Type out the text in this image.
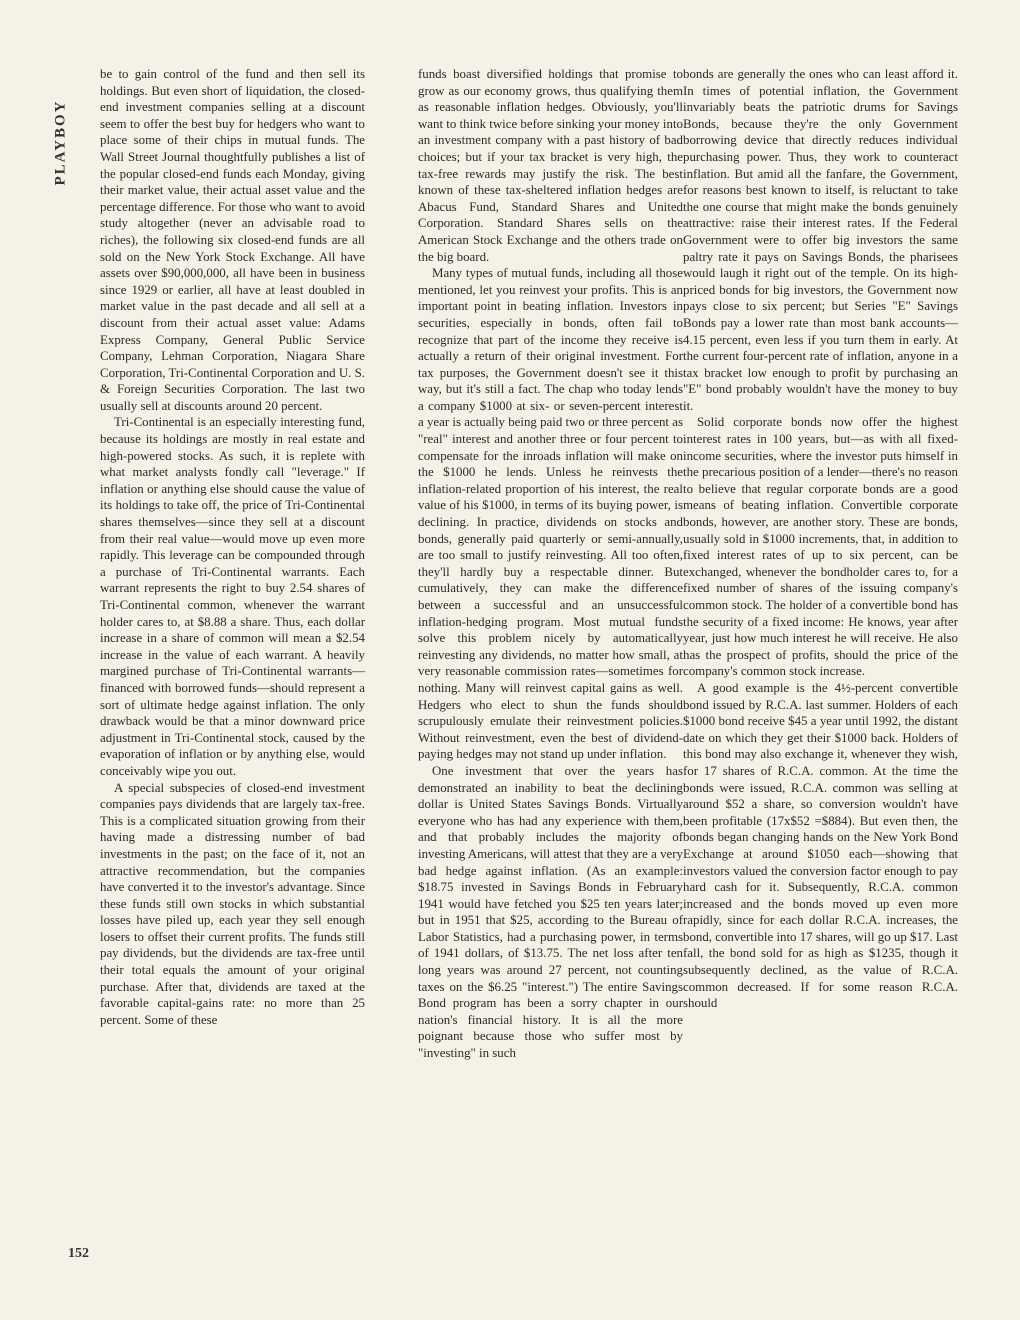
PLAYBOY

be to gain control of the fund and then sell its holdings. But even short of liquidation, the closed-end investment companies selling at a discount seem to offer the best buy for hedgers who want to place some of their chips in mutual funds. The Wall Street Journal thoughtfully publishes a list of the popular closed-end funds each Monday, giving their market value, their actual asset value and the percentage difference. For those who want to avoid study altogether (never an advisable road to riches), the following six closed-end funds are all sold on the New York Stock Exchange. All have assets over $90,000,000, all have been in business since 1929 or earlier, all have at least doubled in market value in the past decade and all sell at a discount from their actual asset value: Adams Express Company, General Public Service Company, Lehman Corporation, Niagara Share Corporation, Tri-Continental Corporation and U. S. & Foreign Securities Corporation. The last two usually sell at discounts around 20 percent.

Tri-Continental is an especially interesting fund, because its holdings are mostly in real estate and high-powered stocks. As such, it is replete with what market analysts fondly call "leverage." If inflation or anything else should cause the value of its holdings to take off, the price of Tri-Continental shares themselves—since they sell at a discount from their real value—would move up even more rapidly. This leverage can be compounded through a purchase of Tri-Continental warrants. Each warrant represents the right to buy 2.54 shares of Tri-Continental common, whenever the warrant holder cares to, at $8.88 a share. Thus, each dollar increase in a share of common will mean a $2.54 increase in the value of each warrant. A heavily margined purchase of Tri-Continental warrants—financed with borrowed funds—should represent a sort of ultimate hedge against inflation. The only drawback would be that a minor downward price adjustment in Tri-Continental stock, caused by the evaporation of inflation or by anything else, would conceivably wipe you out.

A special subspecies of closed-end investment companies pays dividends that are largely tax-free. This is a complicated situation growing from their having made a distressing number of bad investments in the past; on the face of it, not an attractive recommendation, but the companies have converted it to the investor's advantage. Since these funds still own stocks in which substantial losses have piled up, each year they sell enough losers to offset their current profits. The funds still pay dividends, but the dividends are tax-free until their total equals the amount of your original purchase. After that, dividends are taxed at the favorable capital-gains rate: no more than 25 percent. Some of these

funds boast diversified holdings that promise to grow as our economy grows, thus qualifying them as reasonable inflation hedges. Obviously, you'll want to think twice before sinking your money into an investment company with a past history of bad choices; but if your tax bracket is very high, the tax-free rewards may justify the risk. The best known of these tax-sheltered inflation hedges are Abacus Fund, Standard Shares and United Corporation. Standard Shares sells on the American Stock Exchange and the others trade on the big board.

Many types of mutual funds, including all those mentioned, let you reinvest your profits. This is an important point in beating inflation. Investors in securities, especially in bonds, often fail to recognize that part of the income they receive is actually a return of their original investment. For tax purposes, the Government doesn't see it this way, but it's still a fact. The chap who today lends a company $1000 at six- or seven-percent interest a year is actually being paid two or three percent as "real" interest and another three or four percent to compensate for the inroads inflation will make on the $1000 he lends. Unless he reinvests the inflation-related proportion of his interest, the real value of his $1000, in terms of its buying power, is declining. In practice, dividends on stocks and bonds, generally paid quarterly or semi-annually, are too small to justify reinvesting. All too often, they'll hardly buy a respectable dinner. But cumulatively, they can make the difference between a successful and an unsuccessful inflation-hedging program. Most mutual funds solve this problem nicely by automatically reinvesting any dividends, no matter how small, at very reasonable commission rates—sometimes for nothing. Many will reinvest capital gains as well. Hedgers who elect to shun the funds should scrupulously emulate their reinvestment policies. Without reinvestment, even the best of dividend-paying hedges may not stand up under inflation.

One investment that over the years has demonstrated an inability to beat the declining dollar is United States Savings Bonds. Virtually everyone who has had any experience with them, and that probably includes the majority of investing Americans, will attest that they are a very bad hedge against inflation. (As an example: $18.75 invested in Savings Bonds in February 1941 would have fetched you $25 ten years later; but in 1951 that $25, according to the Bureau of Labor Statistics, had a purchasing power, in terms of 1941 dollars, of $13.75. The net loss after ten long years was around 27 percent, not counting taxes on the $6.25 "interest.") The entire Savings Bond program has been a sorry chapter in our nation's financial history. It is all the more poignant because those who suffer most by "investing" in such

bonds are generally the ones who can least afford it. In times of potential inflation, the Government invariably beats the patriotic drums for Savings Bonds, because they're the only Government borrowing device that directly reduces individual purchasing power. Thus, they work to counteract inflation. But amid all the fanfare, the Government, for reasons best known to itself, is reluctant to take the one course that might make the bonds genuinely attractive: raise their interest rates. If the Federal Government were to offer big investors the same paltry rate it pays on Savings Bonds, the pharisees would laugh it right out of the temple. On its high-priced bonds for big investors, the Government now pays close to six percent; but Series "E" Savings Bonds pay a lower rate than most bank accounts—4.15 percent, even less if you turn them in early. At the current four-percent rate of inflation, anyone in a tax bracket low enough to profit by purchasing an "E" bond probably wouldn't have the money to buy it.

Solid corporate bonds now offer the highest interest rates in 100 years, but—as with all fixed-income securities, where the investor puts himself in the precarious position of a lender—there's no reason to believe that regular corporate bonds are a good means of beating inflation. Convertible corporate bonds, however, are another story. These are bonds, usually sold in $1000 increments, that, in addition to fixed interest rates of up to six percent, can be exchanged, whenever the bondholder cares to, for a fixed number of shares of the issuing company's common stock. The holder of a convertible bond has the security of a fixed income: He knows, year after year, just how much interest he will receive. He also has the prospect of profits, should the price of the company's common stock increase.

A good example is the 4½-percent convertible bond issued by R.C.A. last summer. Holders of each $1000 bond receive $45 a year until 1992, the distant date on which they get their $1000 back. Holders of this bond may also exchange it, whenever they wish, for 17 shares of R.C.A. common. At the time the bonds were issued, R.C.A. common was selling at around $52 a share, so conversion wouldn't have been profitable (17x$52 =$884). But even then, the bonds began changing hands on the New York Bond Exchange at around $1050 each—showing that investors valued the conversion factor enough to pay hard cash for it. Subsequently, R.C.A. common increased and the bonds moved up even more rapidly, since for each dollar R.C.A. increases, the bond, convertible into 17 shares, will go up $17. Last fall, the bond sold for as high as $1235, though it subsequently declined, as the value of R.C.A. common decreased. If for some reason R.C.A. should

152
